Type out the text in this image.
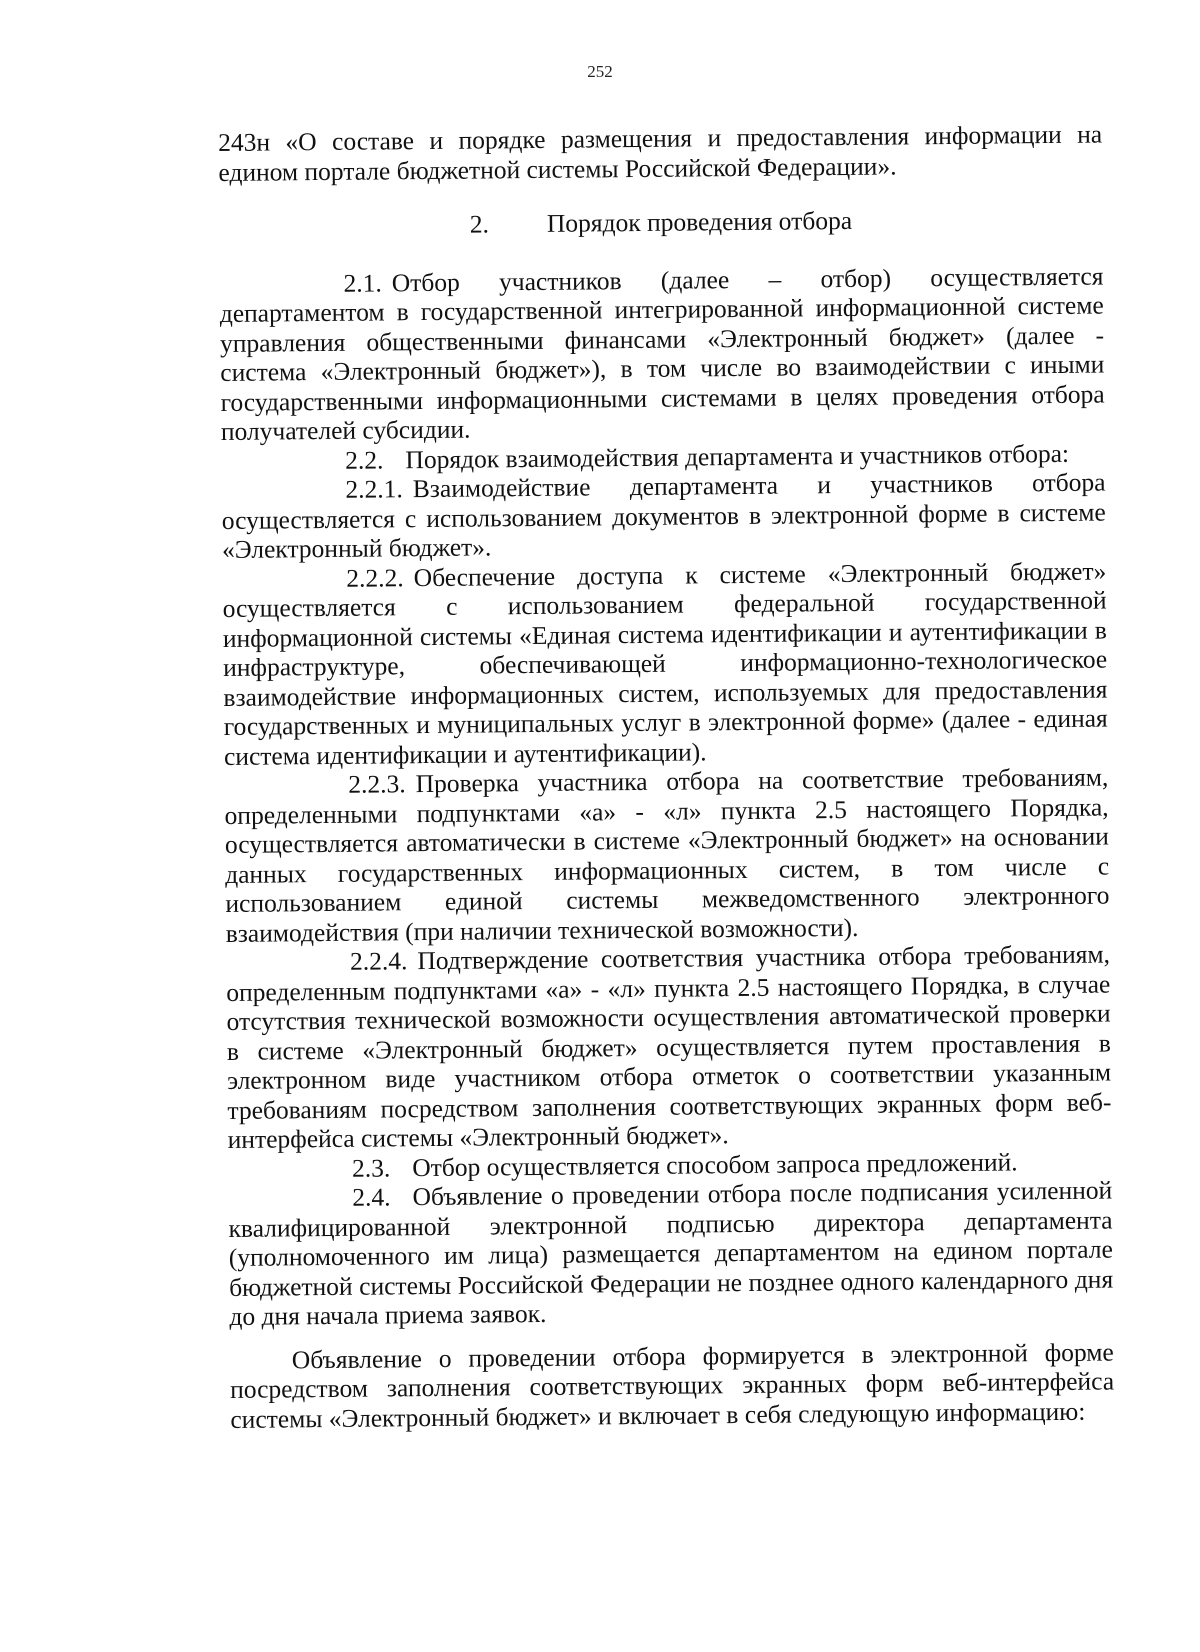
252

243н «О составе и порядке размещения и предоставления информации на едином портале бюджетной системы Российской Федерации».

2. Порядок проведения отбора

2.1. Отбор участников (далее – отбор) осуществляется департаментом в государственной интегрированной информационной системе управления общественными финансами «Электронный бюджет» (далее - система «Электронный бюджет»), в том числе во взаимодействии с иными государственными информационными системами в целях проведения отбора получателей субсидии.

2.2. Порядок взаимодействия департамента и участников отбора:

2.2.1. Взаимодействие департамента и участников отбора осуществляется с использованием документов в электронной форме в системе «Электронный бюджет».

2.2.2. Обеспечение доступа к системе «Электронный бюджет» осуществляется с использованием федеральной государственной информационной системы «Единая система идентификации и аутентификации в инфраструктуре, обеспечивающей информационно-технологическое взаимодействие информационных систем, используемых для предоставления государственных и муниципальных услуг в электронной форме» (далее - единая система идентификации и аутентификации).

2.2.3. Проверка участника отбора на соответствие требованиям, определенными подпунктами «а» - «л» пункта 2.5 настоящего Порядка, осуществляется автоматически в системе «Электронный бюджет» на основании данных государственных информационных систем, в том числе с использованием единой системы межведомственного электронного взаимодействия (при наличии технической возможности).

2.2.4. Подтверждение соответствия участника отбора требованиям, определенным подпунктами «а» - «л» пункта 2.5 настоящего Порядка, в случае отсутствия технической возможности осуществления автоматической проверки в системе «Электронный бюджет» осуществляется путем проставления в электронном виде участником отбора отметок о соответствии указанным требованиям посредством заполнения соответствующих экранных форм веб-интерфейса системы «Электронный бюджет».

2.3. Отбор осуществляется способом запроса предложений.

2.4. Объявление о проведении отбора после подписания усиленной квалифицированной электронной подписью директора департамента (уполномоченного им лица) размещается департаментом на едином портале бюджетной системы Российской Федерации не позднее одного календарного дня до дня начала приема заявок.

Объявление о проведении отбора формируется в электронной форме посредством заполнения соответствующих экранных форм веб-интерфейса системы «Электронный бюджет» и включает в себя следующую информацию:
